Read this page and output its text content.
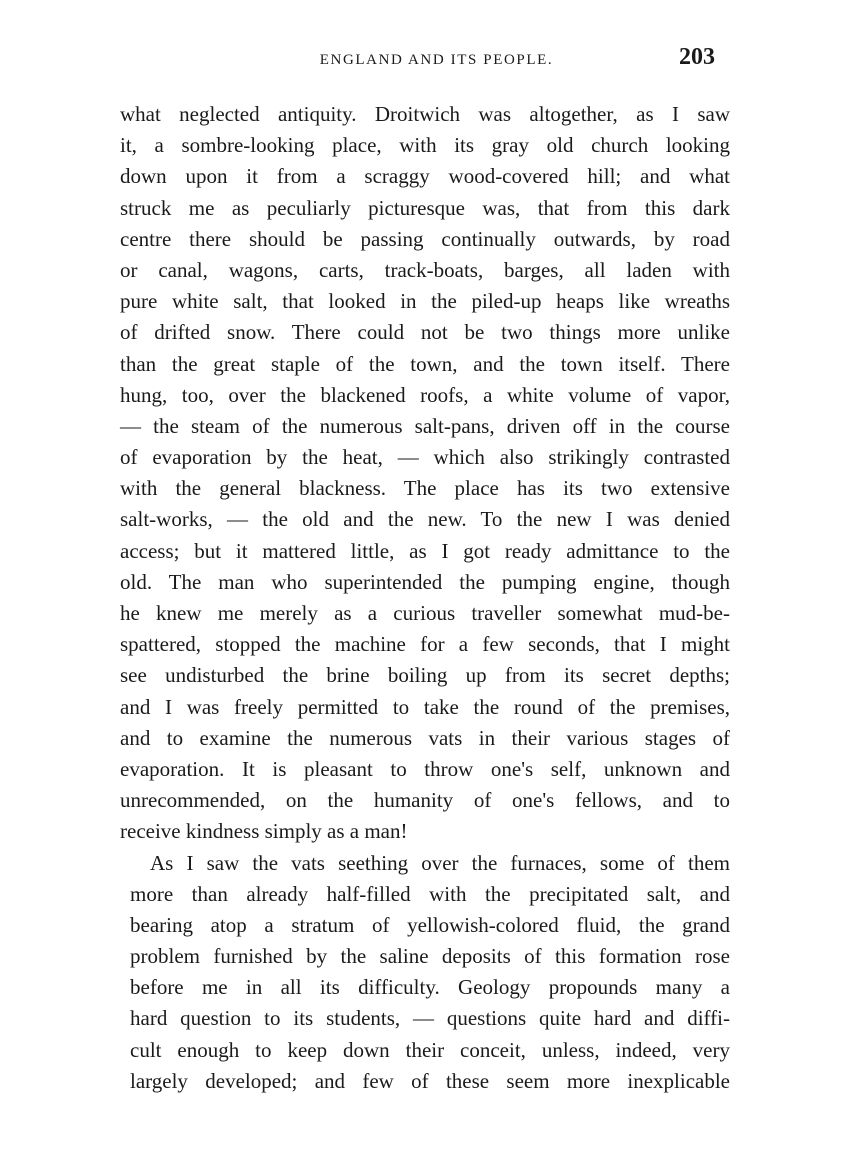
ENGLAND AND ITS PEOPLE.	203

what neglected antiquity. Droitwich was altogether, as I saw
it, a sombre-looking place, with its gray old church looking
down upon it from a scraggy wood-covered hill; and what
struck me as peculiarly picturesque was, that from this dark
centre there should be passing continually outwards, by road
or canal, wagons, carts, track-boats, barges, all laden with
pure white salt, that looked in the piled-up heaps like wreaths
of drifted snow. There could not be two things more unlike
than the great staple of the town, and the town itself. There
hung, too, over the blackened roofs, a white volume of vapor,
— the steam of the numerous salt-pans, driven off in the course
of evaporation by the heat, — which also strikingly contrasted
with the general blackness. The place has its two extensive
salt-works, — the old and the new. To the new I was denied
access; but it mattered little, as I got ready admittance to the
old. The man who superintended the pumping engine, though
he knew me merely as a curious traveller somewhat mud-be-
spattered, stopped the machine for a few seconds, that I might
see undisturbed the brine boiling up from its secret depths;
and I was freely permitted to take the round of the premises,
and to examine the numerous vats in their various stages of
evaporation. It is pleasant to throw one's self, unknown and
unrecommended, on the humanity of one's fellows, and to
receive kindness simply as a man!

As I saw the vats seething over the furnaces, some of them
more than already half-filled with the precipitated salt, and
bearing atop a stratum of yellowish-colored fluid, the grand
problem furnished by the saline deposits of this formation rose
before me in all its difficulty. Geology propounds many a
hard question to its students, — questions quite hard and diffi-
cult enough to keep down their conceit, unless, indeed, very
largely developed; and few of these seem more inexplicable
